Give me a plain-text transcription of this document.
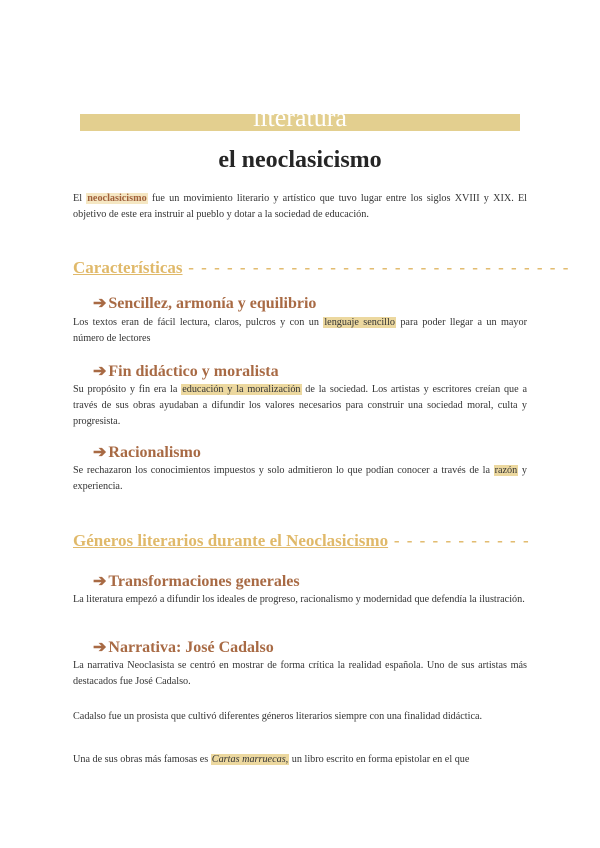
literatura
el neoclasicismo
El neoclasicismo fue un movimiento literario y artístico que tuvo lugar entre los siglos XVIII y XIX. El objetivo de este era instruir al pueblo y dotar a la sociedad de educación.
Características - - - - - - - - - - - - - - - - - - - - - - - - - - - - - -
➔ Sencillez, armonía y equilibrio
Los textos eran de fácil lectura, claros, pulcros y con un lenguaje sencillo para poder llegar a un mayor número de lectores
➔ Fin didáctico y moralista
Su propósito y fin era la educación y la moralización de la sociedad. Los artistas y escritores creían que a través de sus obras ayudaban a difundir los valores necesarios para construir una sociedad moral, culta y progresista.
➔ Racionalismo
Se rechazaron los conocimientos impuestos y solo admitieron lo que podían conocer a través de la razón y experiencia.
Géneros literarios durante el Neoclasicismo - - - - - - - - - - -
➔ Transformaciones generales
La literatura empezó a difundir los ideales de progreso, racionalismo y modernidad que defendía la ilustración.
➔ Narrativa: José Cadalso
La narrativa Neoclasista se centró en mostrar de forma crítica la realidad española. Uno de sus artistas más destacados fue José Cadalso.
Cadalso fue un prosista que cultivó diferentes géneros literarios siempre con una finalidad didáctica.
Una de sus obras más famosas es Cartas marruecas, un libro escrito en forma epistolar en el que
